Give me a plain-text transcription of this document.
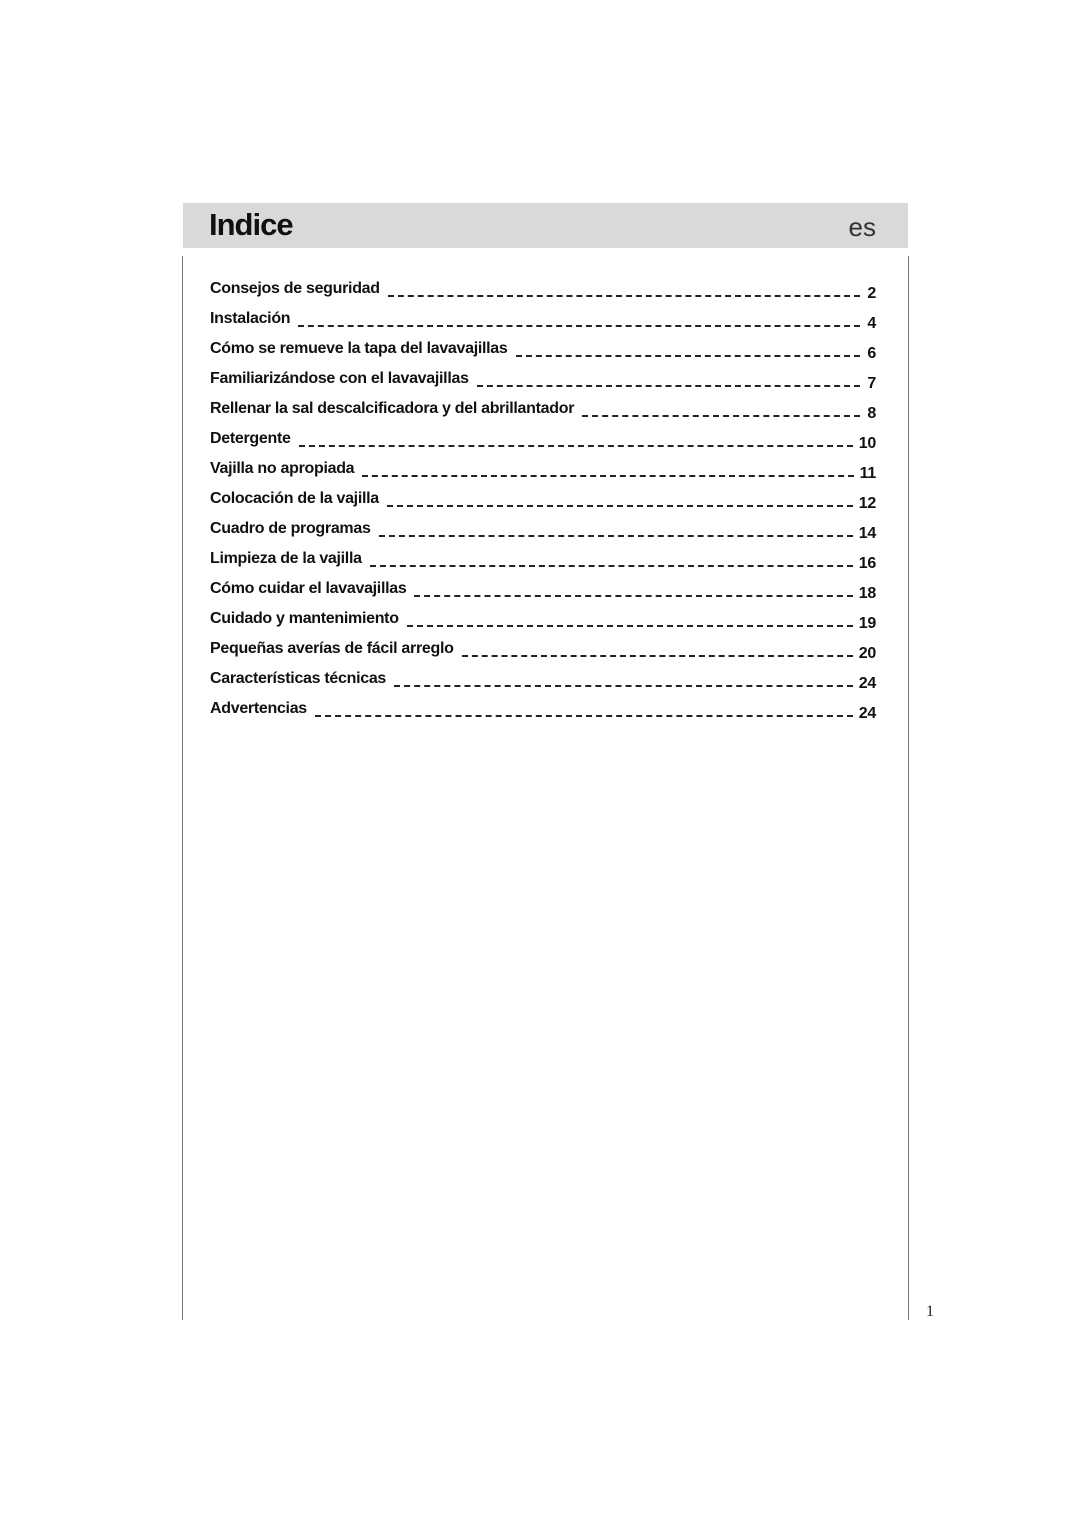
Indice	es
Consejos de seguridad	2
Instalación	4
Cómo se remueve la tapa del lavavajillas	6
Familiarizándose con el lavavajillas	7
Rellenar la sal descalcificadora y del abrillantador	8
Detergente	10
Vajilla no apropiada	11
Colocación de la vajilla	12
Cuadro de programas	14
Limpieza de la vajilla	16
Cómo cuidar el lavavajillas	18
Cuidado y mantenimiento	19
Pequeñas averías de fácil arreglo	20
Características técnicas	24
Advertencias	24
1
